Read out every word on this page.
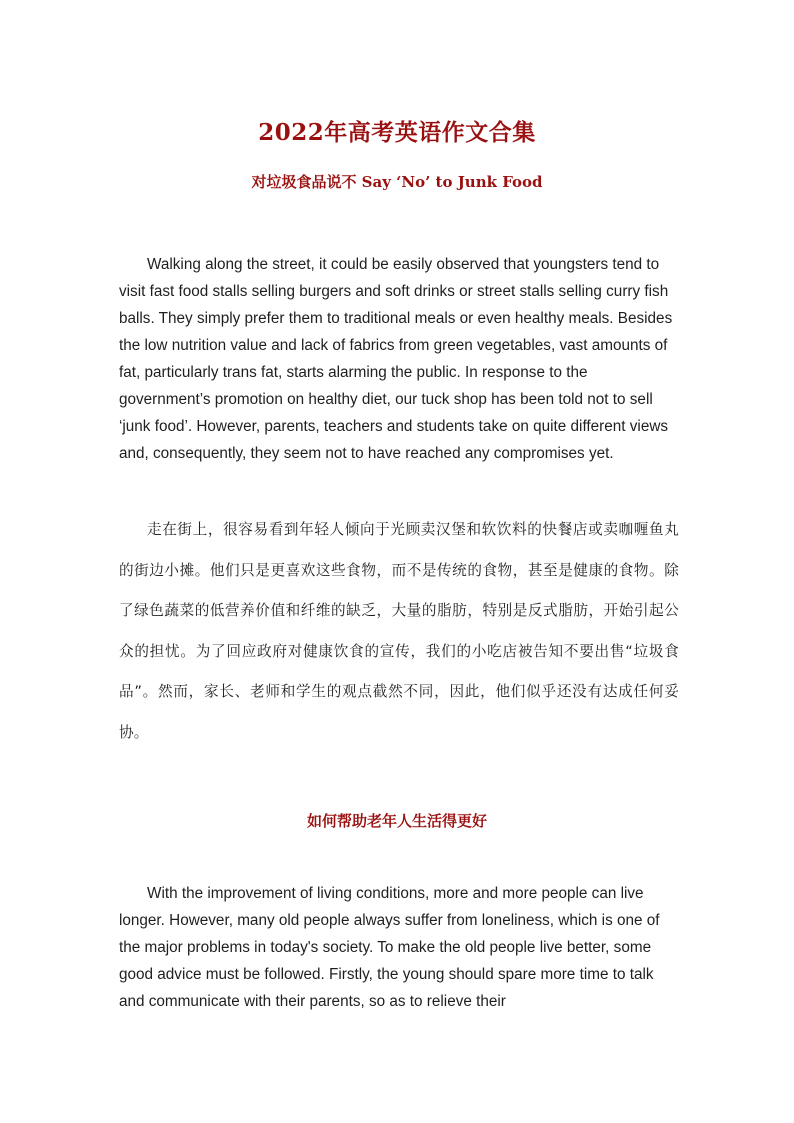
2022年高考英语作文合集
对垃圾食品说不 Say ‘No’ to Junk Food

Walking along the street, it could be easily observed that youngsters tend to visit fast food stalls selling burgers and soft drinks or street stalls selling curry fish balls. They simply prefer them to traditional meals or even healthy meals. Besides the low nutrition value and lack of fabrics from green vegetables, vast amounts of fat, particularly trans fat, starts alarming the public. In response to the government’s promotion on healthy diet, our tuck shop has been told not to sell ‘junk food’. However, parents, teachers and students take on quite different views and, consequently, they seem not to have reached any compromises yet.

走在街上，很容易看到年轻人倾向于光顾卖汉堡和软饮料的快餐店或卖咖喱鱼丸的街边小摊。他们只是更喜欢这些食物，而不是传统的食物，甚至是健康的食物。除了绿色蔬菜的低营养价值和纤维的缺乏，大量的脂肪，特别是反式脂肪，开始引起公众的担忧。为了回应政府对健康饮食的宣传，我们的小吃店被告知不要出售“垃圾食品”。然而，家长、老师和学生的观点截然不同，因此，他们似乎还没有达成任何妥协。

如何帮助老年人生活得更好

With the improvement of living conditions, more and more people can live longer. However, many old people always suffer from loneliness, which is one of the major problems in today's society. To make the old people live better, some good advice must be followed. Firstly, the young should spare more time to talk and communicate with their parents, so as to relieve their
